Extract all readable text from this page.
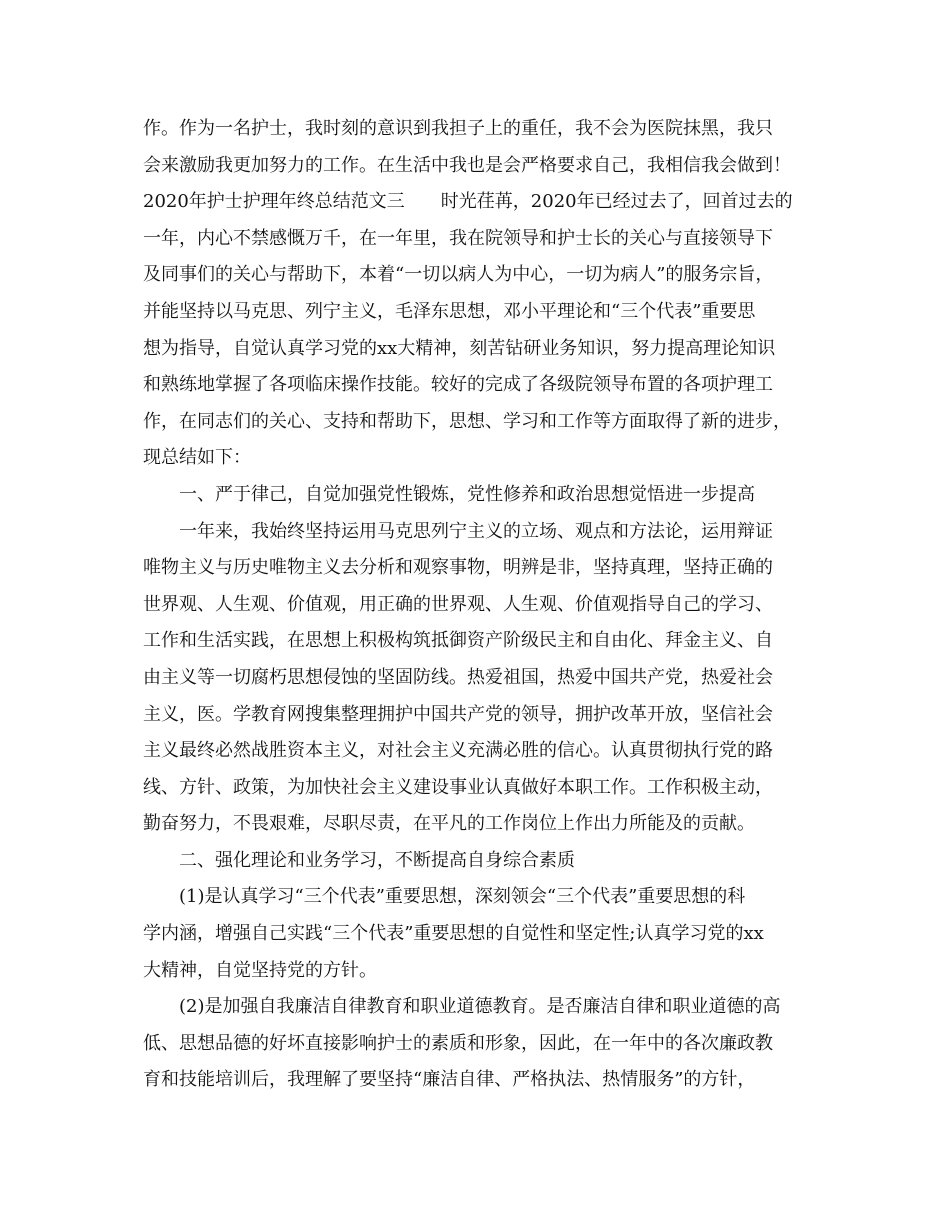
作。作为一名护士，我时刻的意识到我担子上的重任，我不会为医院抹黑，我只
会来激励我更加努力的工作。在生活中我也是会严格要求自己，我相信我会做到！
2020年护士护理年终总结范文三　　时光荏苒，2020年已经过去了，回首过去的
一年，内心不禁感慨万千，在一年里，我在院领导和护士长的关心与直接领导下
及同事们的关心与帮助下，本着“一切以病人为中心，一切为病人”的服务宗旨，
并能坚持以马克思、列宁主义，毛泽东思想，邓小平理论和“三个代表”重要思
想为指导，自觉认真学习党的xx大精神，刻苦钻研业务知识，努力提高理论知识
和熟练地掌握了各项临床操作技能。较好的完成了各级院领导布置的各项护理工
作，在同志们的关心、支持和帮助下，思想、学习和工作等方面取得了新的进步，
现总结如下：
一、严于律己，自觉加强党性锻炼，党性修养和政治思想觉悟进一步提高
一年来，我始终坚持运用马克思列宁主义的立场、观点和方法论，运用辩证
唯物主义与历史唯物主义去分析和观察事物，明辨是非，坚持真理，坚持正确的
世界观、人生观、价值观，用正确的世界观、人生观、价值观指导自己的学习、
工作和生活实践，在思想上积极构筑抵御资产阶级民主和自由化、拜金主义、自
由主义等一切腐朽思想侵蚀的坚固防线。热爱祖国，热爱中国共产党，热爱社会
主义，医。学教育网搜集整理拥护中国共产党的领导，拥护改革开放，坚信社会
主义最终必然战胜资本主义，对社会主义充满必胜的信心。认真贯彻执行党的路
线、方针、政策，为加快社会主义建设事业认真做好本职工作。工作积极主动，
勤奋努力，不畏艰难，尽职尽责，在平凡的工作岗位上作出力所能及的贡献。
二、强化理论和业务学习，不断提高自身综合素质
(1)是认真学习“三个代表”重要思想，深刻领会“三个代表”重要思想的科
学内涵，增强自己实践“三个代表”重要思想的自觉性和坚定性;认真学习党的xx
大精神，自觉坚持党的方针。
(2)是加强自我廉洁自律教育和职业道德教育。是否廉洁自律和职业道德的高
低、思想品德的好坏直接影响护士的素质和形象，因此，在一年中的各次廉政教
育和技能培训后，我理解了要坚持“廉洁自律、严格执法、热情服务”的方针，
